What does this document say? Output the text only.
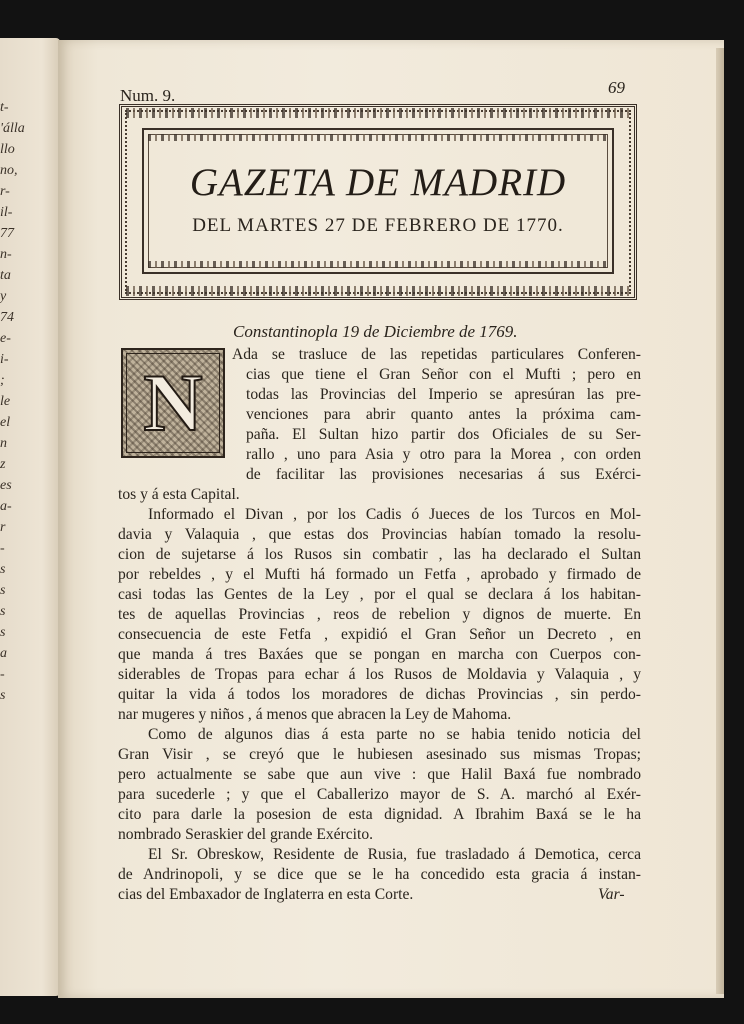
t-
'álla
llo
no,
r-
il-
77
n-
ta
y
74
e-
i-
;
le
el
n
z
es
a-
r
-
s
s
s
s
a
-
s
Num. 9.	69
GAZETA DE MADRID
DEL MARTES 27 DE FEBRERO DE 1770.
Constantinopla 19 de Diciembre de 1769.
N
Ada se trasluce de las repetidas particulares Conferen-
cias que tiene el Gran Señor con el Mufti ; pero en
todas las Provincias del Imperio se apresúran las pre-
venciones para abrir quanto antes la próxima cam-
paña. El Sultan hizo partir dos Oficiales de su Ser-
rallo , uno para Asia y otro para la Morea , con orden
de facilitar las provisiones necesarias á sus Exérci-
tos y á esta Capital.
Informado el Divan , por los Cadis ó Jueces de los Turcos en Mol-
davia y Valaquia , que estas dos Provincias habían tomado la resolu-
cion de sujetarse á los Rusos sin combatir , las ha declarado el Sultan
por rebeldes , y el Mufti há formado un Fetfa , aprobado y firmado de
casi todas las Gentes de la Ley , por el qual se declara á los habitan-
tes de aquellas Provincias , reos de rebelion y dignos de muerte. En
consecuencia de este Fetfa , expidió el Gran Señor un Decreto , en
que manda á tres Baxáes que se pongan en marcha con Cuerpos con-
siderables de Tropas para echar á los Rusos de Moldavia y Valaquia , y
quitar la vida á todos los moradores de dichas Provincias , sin perdo-
nar mugeres y niños , á menos que abracen la Ley de Mahoma.
Como de algunos dias á esta parte no se habia tenido noticia del
Gran Visir , se creyó que le hubiesen asesinado sus mismas Tropas;
pero actualmente se sabe que aun vive : que Halil Baxá fue nombrado
para sucederle ; y que el Caballerizo mayor de S. A. marchó al Exér-
cito para darle la posesion de esta dignidad. A Ibrahim Baxá se le ha
nombrado Seraskier del grande Exército.
El Sr. Obreskow, Residente de Rusia, fue trasladado á Demotica, cerca
de Andrinopoli, y se dice que se le ha concedido esta gracia á instan-
cias del Embaxador de Inglaterra en esta Corte.	Var-
